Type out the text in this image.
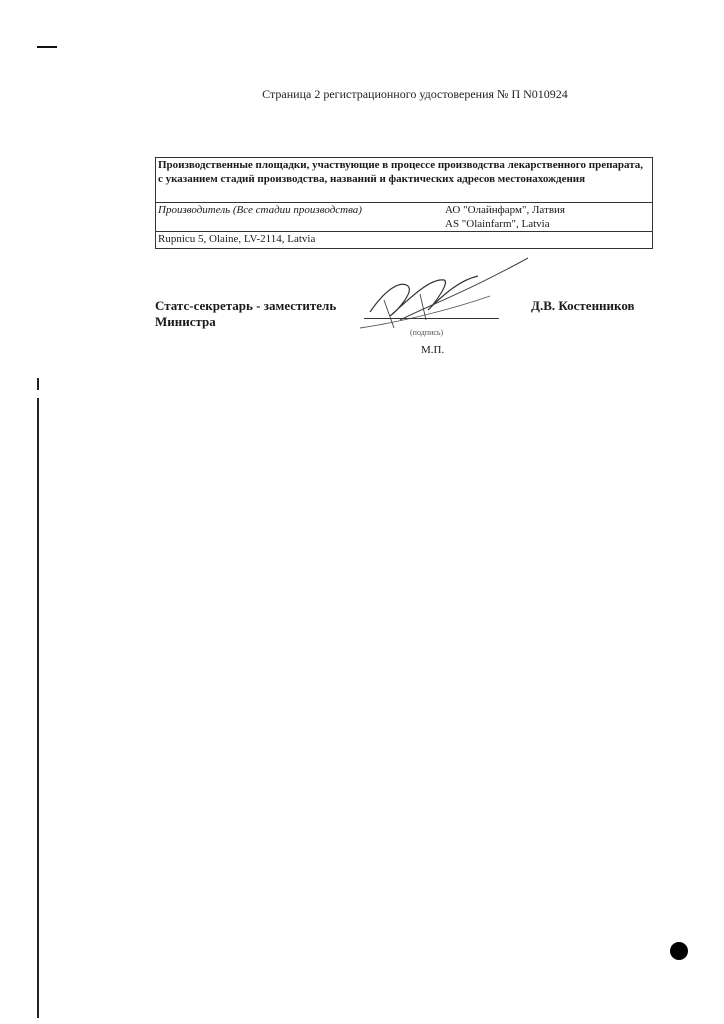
Страница 2 регистрационного удостоверения № П N010924
Производственные площадки, участвующие в процессе производства лекарственного препарата, с указанием стадий производства, названий и фактических адресов местонахождения
Производитель (Все стадии производства)	АО "Олайнфарм", Латвия
AS "Olainfarm", Latvia

Rupnicu 5, Olaine, LV-2114, Latvia
Статс-секретарь - заместитель
Министра
(подпись)
М.П.
Д.В. Костенников
